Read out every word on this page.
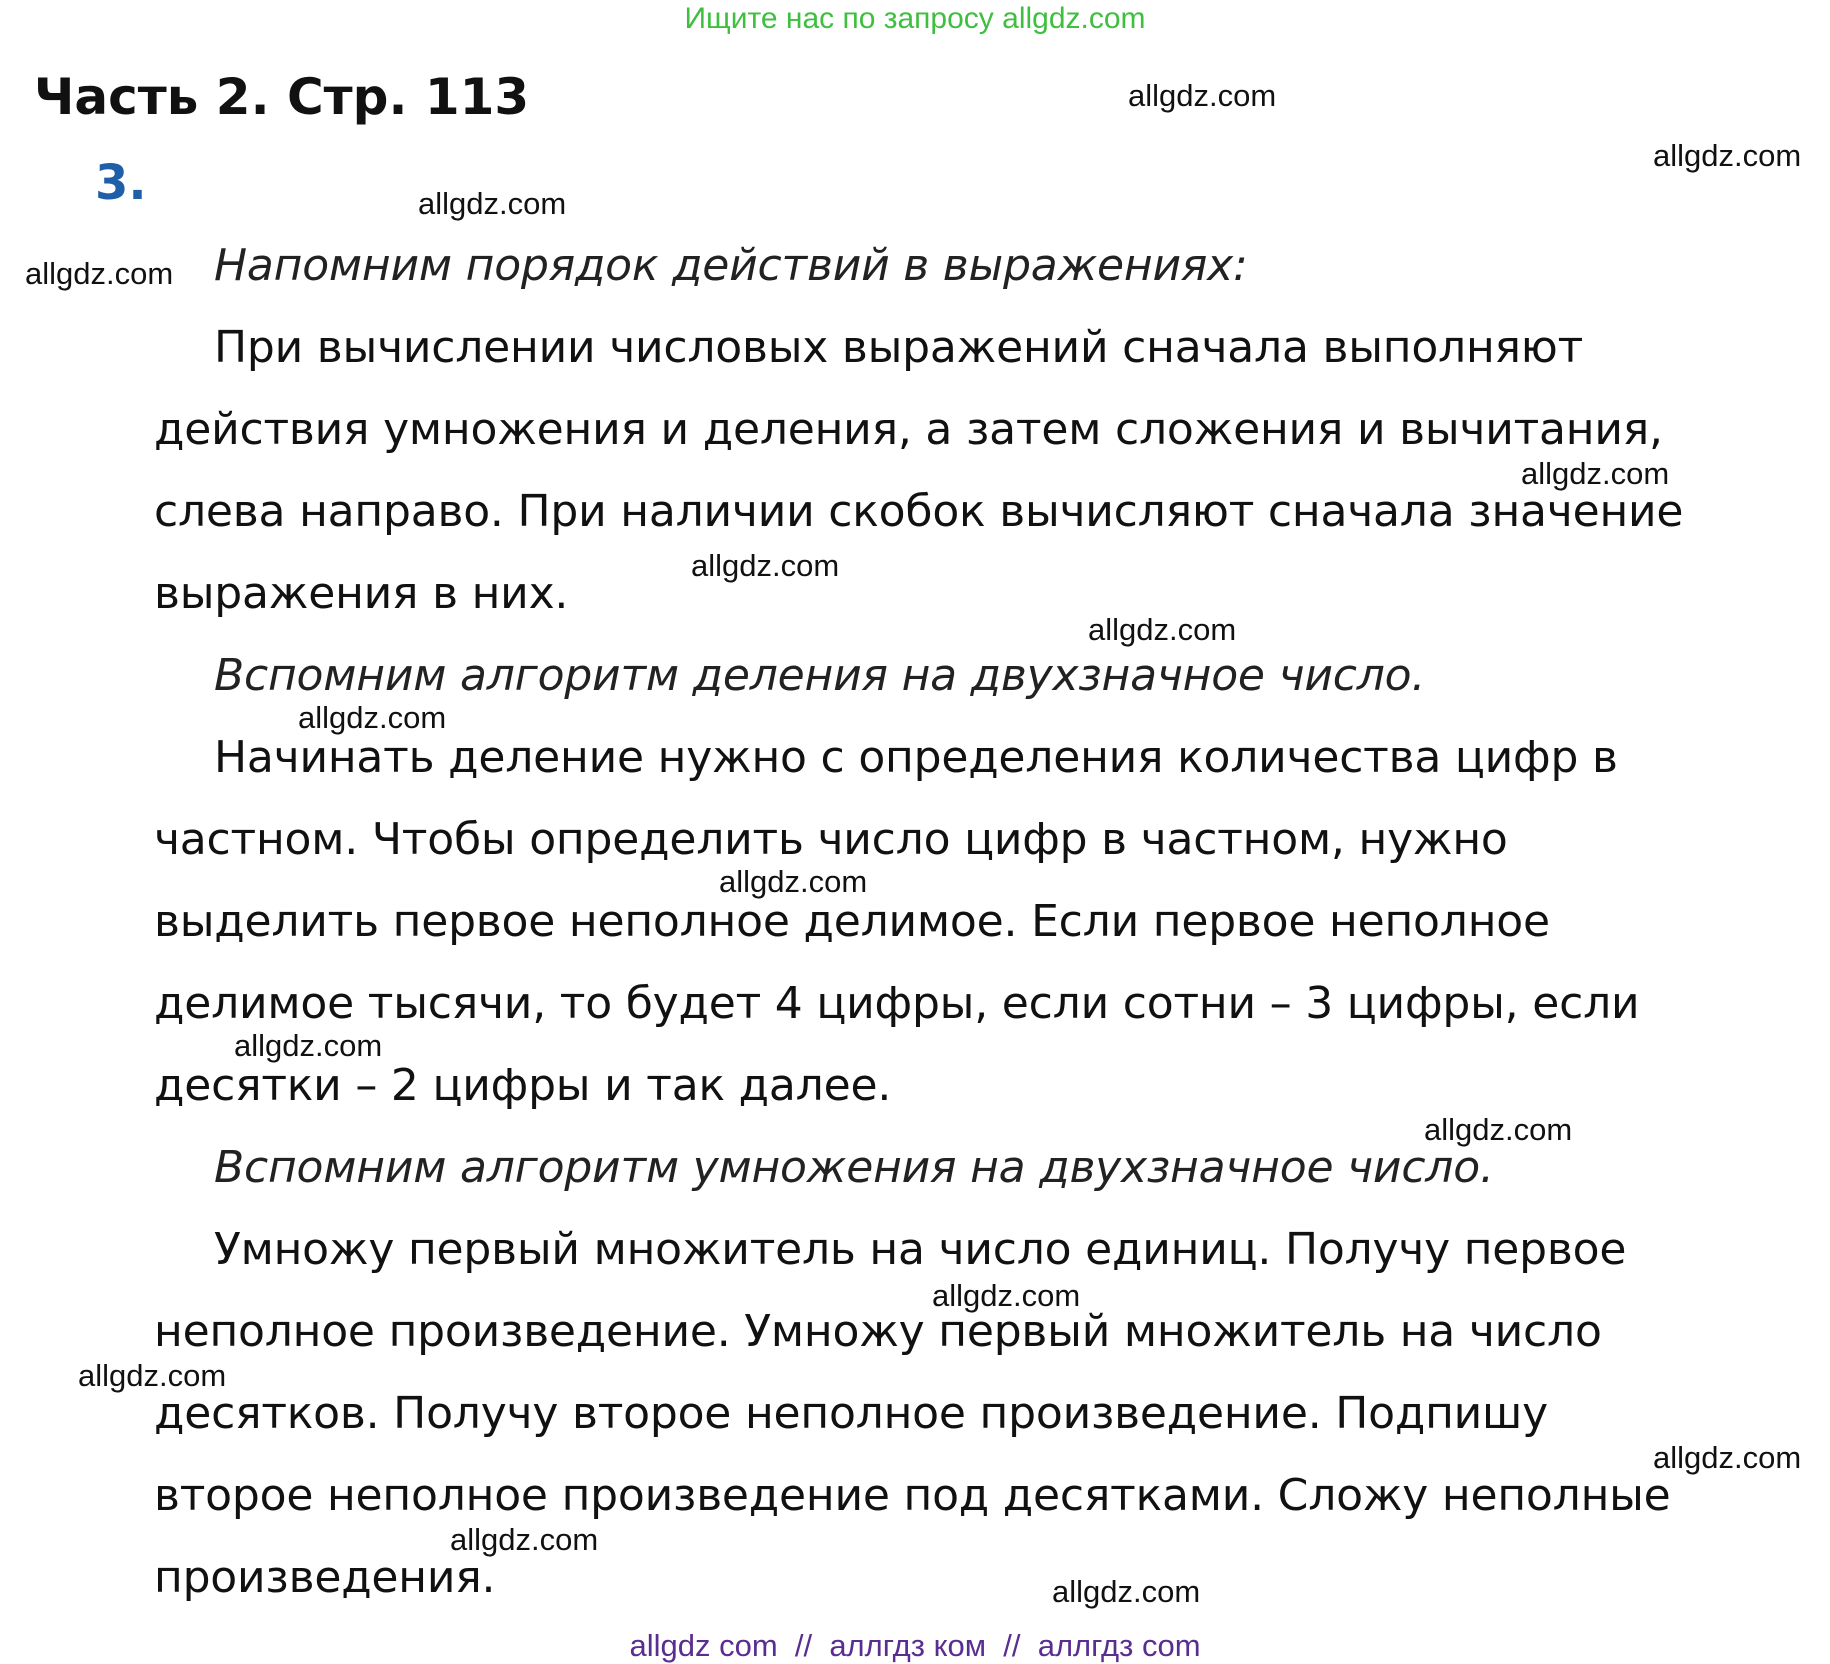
Ищите нас по запросу allgdz.com
Часть 2. Стр. 113
3.
allgdz.com
allgdz.com
allgdz.com
allgdz.com
allgdz.com
allgdz.com
allgdz.com
allgdz.com
allgdz.com
allgdz.com
allgdz.com
allgdz.com
allgdz.com
allgdz.com
allgdz.com
allgdz.com
Напомним порядок действий в выражениях:
При вычислении числовых выражений сначала выполняют
действия умножения и деления, а затем сложения и вычитания,
слева направо. При наличии скобок вычисляют сначала значение
выражения в них.
Вспомним алгоритм деления на двухзначное число.
Начинать деление нужно с определения количества цифр в
частном. Чтобы определить число цифр в частном, нужно
выделить первое неполное делимое. Если первое неполное
делимое тысячи, то будет 4 цифры, если сотни – 3 цифры, если
десятки – 2 цифры и так далее.
Вспомним алгоритм умножения на двухзначное число.
Умножу первый множитель на число единиц. Получу первое
неполное произведение. Умножу первый множитель на число
десятков. Получу второе неполное произведение. Подпишу
второе неполное произведение под десятками. Сложу неполные
произведения.
allgdz com  //  аллгдз ком  //  аллгдз com
